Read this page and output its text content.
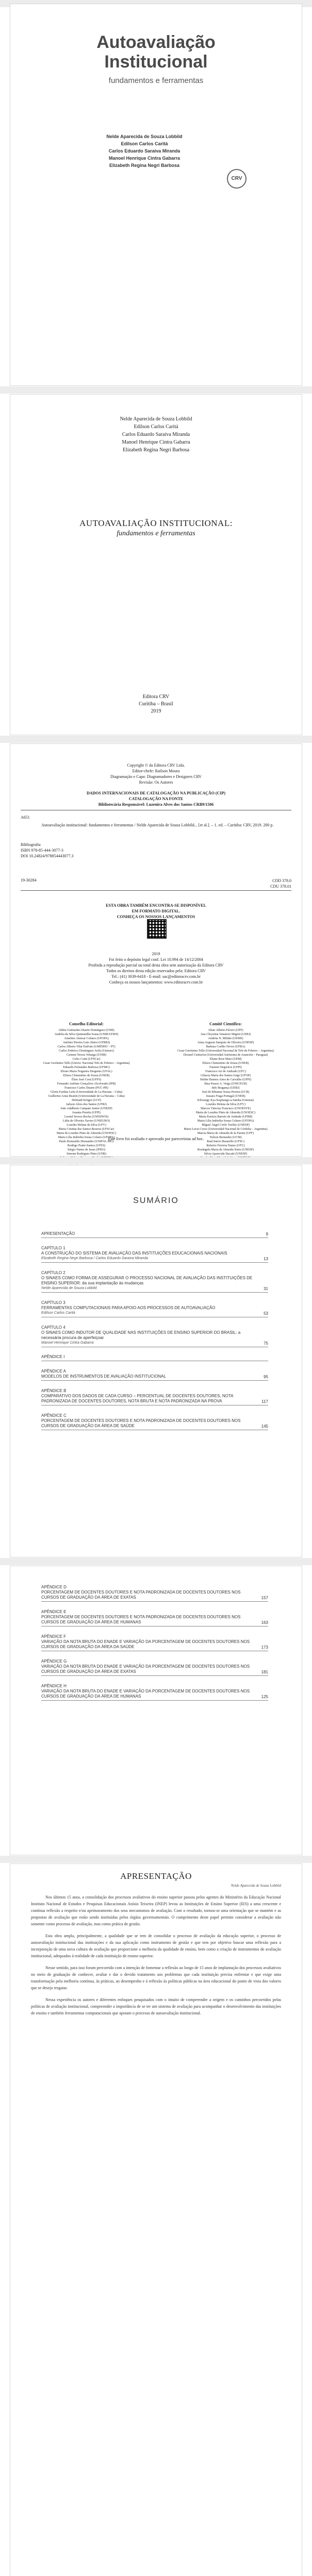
Autoavaliação
Institucional
fundamentos e ferramentas
Nelde Aparecida de Souza Lobbild
Edilson Carlos Caritá
Carlos Eduardo Saraiva Miranda
Manoel Henrique Cintra Gabarra
Elizabeth Regina Negri Barbosa
CRV
Nelde Aparecida de Souza Lobbild
Edilson Carlos Caritá
Carlos Eduardo Saraiva Miranda
Manoel Henrique Cintra Gabarra
Elizabeth Regina Negri Barbosa
AUTOAVALIAÇÃO INSTITUCIONAL:
fundamentos e ferramentas
Editora CRV
Curitiba – Brasil
2019
Copyright © da Editora CRV Ltda.
Editor-chefe: Railson Moura
Diagramação e Capa: Diagramadores e Designers CRV
Revisão: Os Autores
DADOS INTERNACIONAIS DE CATALOGAÇÃO NA PUBLICAÇÃO (CIP)
CATALOGAÇÃO NA FONTE
Bibliotecária Responsável: Luzenira Alves dos Santos CRB9/1506
A651
Autoavaliação institucional: fundamentos e ferramentas / Nelde Aparecida de Souza Lobbild... [et al.]. – 1. ed. – Curitiba: CRV, 2019. 200 p.
Bibliografia
ISBN 978-85-444-3077-3
DOI 10.24824/978854443077.3
19-30284	CDD 378.0
CDU 378.01
ESTA OBRA TAMBÉM ENCONTRA-SE DISPONÍVEL
EM FORMATO DIGITAL.
CONHEÇA OS NOSSOS LANÇAMENTOS
2019
Foi feito o depósito legal conf. Lei 10.994 de 14/12/2004
Proibida a reprodução parcial ou total desta obra sem autorização da Editora CRV
Todos os direitos desta edição reservados pela: Editora CRV
Tel.: (41) 3039-6418 - E-mail: sac@editoracrv.com.br
Conheça os nossos lançamentos: www.editoracrv.com.br
Conselho Editorial:
Aldira Guimarães Duarte Domínguez (UNB)
Andréia da Silva Quintanilha Sousa (UNIR/UFRN)
Anselmo Alencar Colares (UFOPA)
Antônio Pereira Gaio Júnior (UFRRJ)
Carlos Alberto Vilar Estêvão (UMINHO – PT)
Carlos Federico Domínguez Avila (Unieuro)
Carmen Tereza Velanga (UNIR)
Celso Conti (UFSCar)
Cesar Gerónimo Tello (Univer. Nacional Três de Febrero – Argentina)
Eduardo Fernandes Barbosa (UFMG)
Elione Maria Nogueira Diogenes (UFAL)
Elizeu Clementino de Souza (UNEB)
Élsio José Corá (UFFS)
Fernando Antônio Gonçalves Alcoforado (IPB)
Francisco Carlos Duarte (PUC-PR)
Gloria Fariñas León (Universidade de La Havana – Cuba)
Guillermo Arias Beatón (Universidade de La Havana – Cuba)
Helmuth Krüger (UCP)
Jailson Alves dos Santos (UFRJ)
João Adalberto Campato Junior (UNESP)
Josania Portela (UFPI)
Leonel Severo Rocha (UNISINOS)
Lídia de Oliveira Xavier (UNIEURO)
Lourdes Helena da Silva (UFV)
Maria Cristina dos Santos Bezerra (UFSCar)
Maria de Lourdes Pinto de Almeida (UNOESC)
Maria Lília Imbiriba Sousa Colares (UFOPA)
Paulo Romualdo Hernandes (UNIFAL-MG)
Rodrigo Pratte-Santos (UFES)
Sérgio Nunes de Jesus (IFRO)
Simone Rodrigues Pinto (UNB)
Comitê Científico:
Altair Alberto Fávero (UPF)
Ana Chrystina Venancio Mignot (UERJ)
Andréia N. Militão (UEMS)
Anna Augusta Sampaio de Oliveira (UNESP)
Barbara Coelho Neves (UFBA)
Cesar Gerónimo Tello (Universidad Nacional de Três de Febrero – Argentina)
Diosnel Centurion (Universidad Autónoma de Asunción – Paraguai)
Eliane Rose Maio (UEM)
Elizeu Clementino de Souza (UNEB)
Fauston Negreiros (UFPI)
Francisco Ari de Andrade (UFC)
Gláucia Maria dos Santos Jorge (UFOP)
Helder Buenos Aires de Carvalho (UFPI)
Ilma Passos A. Veiga (UNICEUB)
Inês Bragança (UERJ)
José de Ribamar Sousa Pereira (UCB)
Jussara Fraga Portugal (UNEB)
Kilwangy Kya Kapitango-a-Samba (Unemat)
Lourdes Helena da Silva (UFV)
Marcos Vinicius Francisco (UNOESTE)
Maria de Lourdes Pinto de Almeida (UNOESC)
Maria Eurácia Barreto de Andrade (UFRB)
Maria Lília Imbiriba Sousa Colares (UFOPA)
Míguel Ángel Cirilo Toribio (UNESP)
Marta Lucia Croce (Universidad Nacional de Córdoba – Argentina)
Marcia Maria de Almeida de la Fuente (UFF)
Nelson Bernardes (UCM)
Raul Inácio Busarello (UFSC)
Roberto Ferreira Nunes (UFU)
Rosângela Maria de Almeida Netto (UNESP)
Silvia Aparecida Ducatti (UNESP)
Este livro foi avaliado e aprovado por pareceristas ad hoc.
SUMÁRIO
APRESENTAÇÃO	9
CAPÍTULO 1
A CONSTRUÇÃO DO SISTEMA DE AVALIAÇÃO DAS INSTITUIÇÕES EDUCACIONAIS NACIONAIS
Elizabeth Regina Negri Barbosa / Carlos Eduardo Saraiva Miranda	13
CAPÍTULO 2
O SINAES COMO FORMA DE ASSEGURAR O PROCESSO NACIONAL DE AVALIAÇÃO DAS INSTITUIÇÕES DE ENSINO SUPERIOR: da sua implantação às mudanças
Nelde Aparecida de Souza Lobbild	31
CAPÍTULO 3
FERRAMENTAS COMPUTACIONAIS PARA APOIO AOS PROCESSOS DE AUTOAVALIAÇÃO
Edilson Carlos Caritá	53
CAPÍTULO 4
O SINAES COMO INDUTOR DE QUALIDADE NAS INSTITUIÇÕES DE ENSINO SUPERIOR DO BRASIL: a necessária procura de aperfeiçoar
Manoel Henrique Cintra Gabarra	75
APÊNDICE I
APÊNDICE A
MODELOS DE INSTRUMENTOS DE AVALIAÇÃO INSTITUCIONAL	95
APÊNDICE B
COMPARATIVO DOS DADOS DE CADA CURSO – PERCENTUAL DE DOCENTES DOUTORES, NOTA PADRONIZADA DE DOCENTES DOUTORES, NOTA BRUTA E NOTA PADRONIZADA NA PROVA	117
APÊNDICE C
PORCENTAGEM DE DOCENTES DOUTORES E NOTA PADRONIZADA DE DOCENTES DOUTORES NOS CURSOS DE GRADUAÇÃO DA ÁREA DE SAÚDE	145
APÊNDICE D
PORCENTAGEM DE DOCENTES DOUTORES E NOTA PADRONIZADA DE DOCENTES DOUTORES NOS CURSOS DE GRADUAÇÃO DA ÁREA DE EXATAS	157
APÊNDICE E
PORCENTAGEM DE DOCENTES DOUTORES E NOTA PADRONIZADA DE DOCENTES DOUTORES NOS CURSOS DE GRADUAÇÃO DA ÁREA DE HUMANAS	163
APÊNDICE F
VARIAÇÃO DA NOTA BRUTA DO ENADE E VARIAÇÃO DA PORCENTAGEM DE DOCENTES DOUTORES NOS CURSOS DE GRADUAÇÃO DA ÁREA DA SAÚDE	173
APÊNDICE G
VARIAÇÃO DA NOTA BRUTA DO ENADE E VARIAÇÃO DA PORCENTAGEM DE DOCENTES DOUTORES NOS CURSOS DE GRADUAÇÃO DA ÁREA DE EXATAS	181
APÊNDICE H
VARIAÇÃO DA NOTA BRUTA DO ENADE E VARIAÇÃO DA PORCENTAGEM DE DOCENTES DOUTORES NOS CURSOS DE GRADUAÇÃO DA ÁREA DE HUMANAS	125
APRESENTAÇÃO
Nelde Aparecida de Souza Lobbild

Nos últimos 15 anos, a consolidação dos processos avaliativos do ensino superior passou pelos agentes do Ministério da Educação Nacional Instituto Nacional de Estudos e Pesquisas Educacionais Anísio Teixeira (INEP) levou as Instituições de Ensino Superior (IES) a uma crescente e contínua reflexão a respeito e/ou aprimoramento dos seus mecanismos de avaliação. Com o resultado, tornou-se uma orientação que se mantém e as propostas de avaliação que estão sendo instituídas pelos órgãos governamentais. O cumprimento deste papel permite considerar a avaliação não somente como processo de avaliação, mas como prática de gestão.

Esta obra ampla, principalmente, a qualidade que se tem de consolidar o processo de avaliação da educação superior, o processo de autoavaliação institucional das instituições e da sua aplicação como instrumento de gestão e que tem por objetivo buscar uma reflexão para a incorporação de uma nova cultura de avaliação que proporcione a melhoria da qualidade de ensino, bem como a criação de instrumentos de avaliação institucional, adequados à realidade de cada instituição de ensino superior.

Nesse sentido, para isso foram percorrido com a intenção de fomentar a reflexão ao longo de 15 anos de implantação dos processos avaliativos no meio de graduação de conhecer, avaliar e dar o devido tratamento aos problemas que cada instituição precisa enfrentar e que exige uma transformação pela melhoria contínua, às práticas, ao desempenho e à reflexão às políticas públicas na área educacional do ponto de vista dos valores que se deseja resgatar.

Nessa experiência os autores e diferentes enfoques pesquisados com o intuito de compreender a origem e os caminhos percorridos pelas políticas de avaliação institucional, compreender a importância de se ter um sistema de avaliação para acompanhar o desenvolvimento das instituições de ensino e também ferramentas computacionais que apoiam o processo de autoavaliação institucional.
